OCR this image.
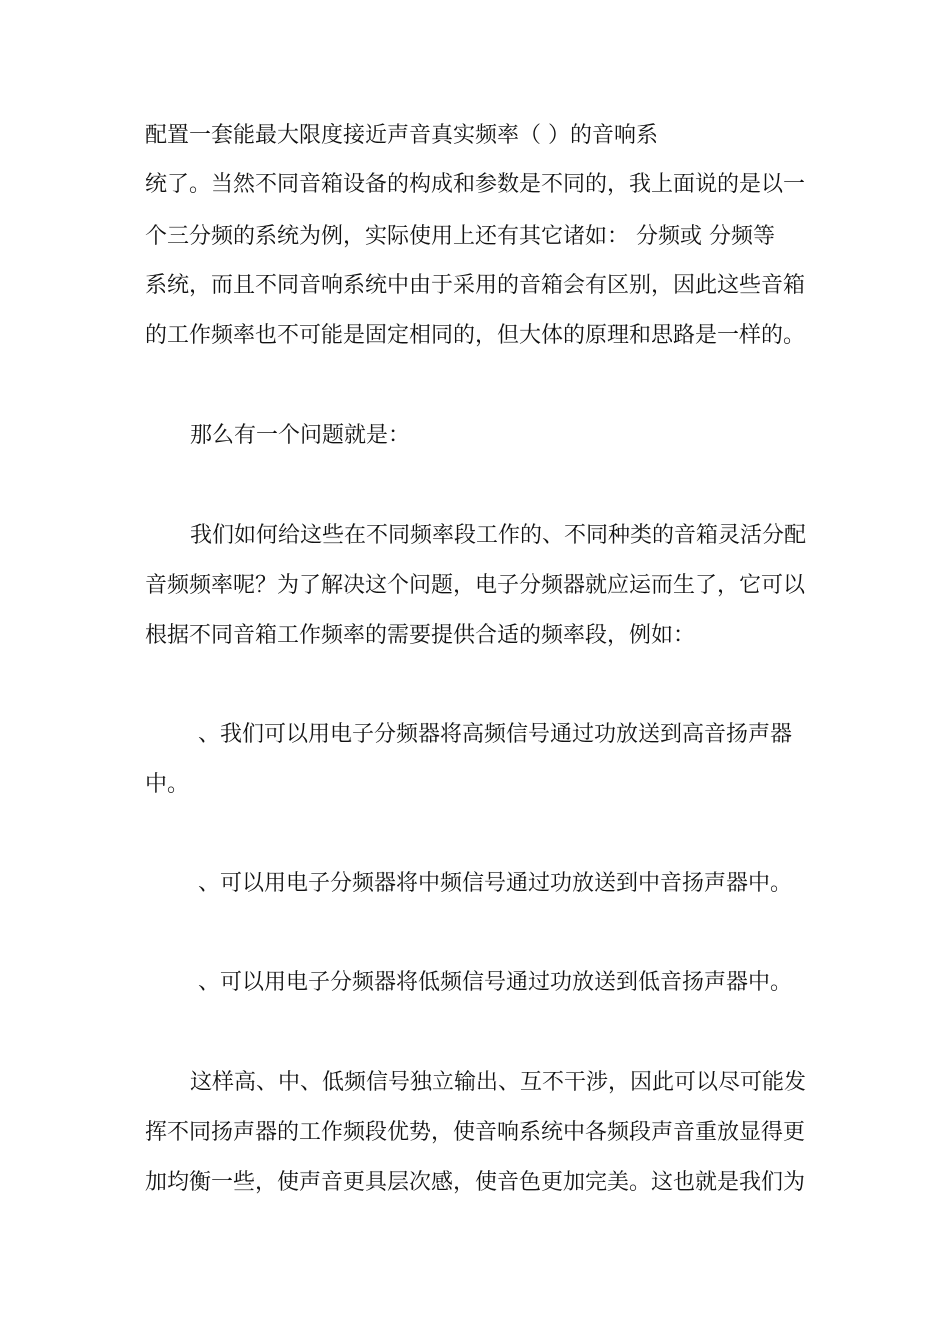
配置一套能最大限度接近声音真实频率（ ）的音响系
统了。当然不同音箱设备的构成和参数是不同的，我上面说的是以一
个三分频的系统为例，实际使用上还有其它诸如： 分频或 分频等
系统，而且不同音响系统中由于采用的音箱会有区别，因此这些音箱
的工作频率也不可能是固定相同的，但大体的原理和思路是一样的。
那么有一个问题就是：
我们如何给这些在不同频率段工作的、不同种类的音箱灵活分配
音频频率呢？为了解决这个问题，电子分频器就应运而生了，它可以
根据不同音箱工作频率的需要提供合适的频率段，例如：
、我们可以用电子分频器将高频信号通过功放送到高音扬声器
中。
、可以用电子分频器将中频信号通过功放送到中音扬声器中。
、可以用电子分频器将低频信号通过功放送到低音扬声器中。
这样高、中、低频信号独立输出、互不干涉，因此可以尽可能发
挥不同扬声器的工作频段优势，使音响系统中各频段声音重放显得更
加均衡一些，使声音更具层次感，使音色更加完美。这也就是我们为
